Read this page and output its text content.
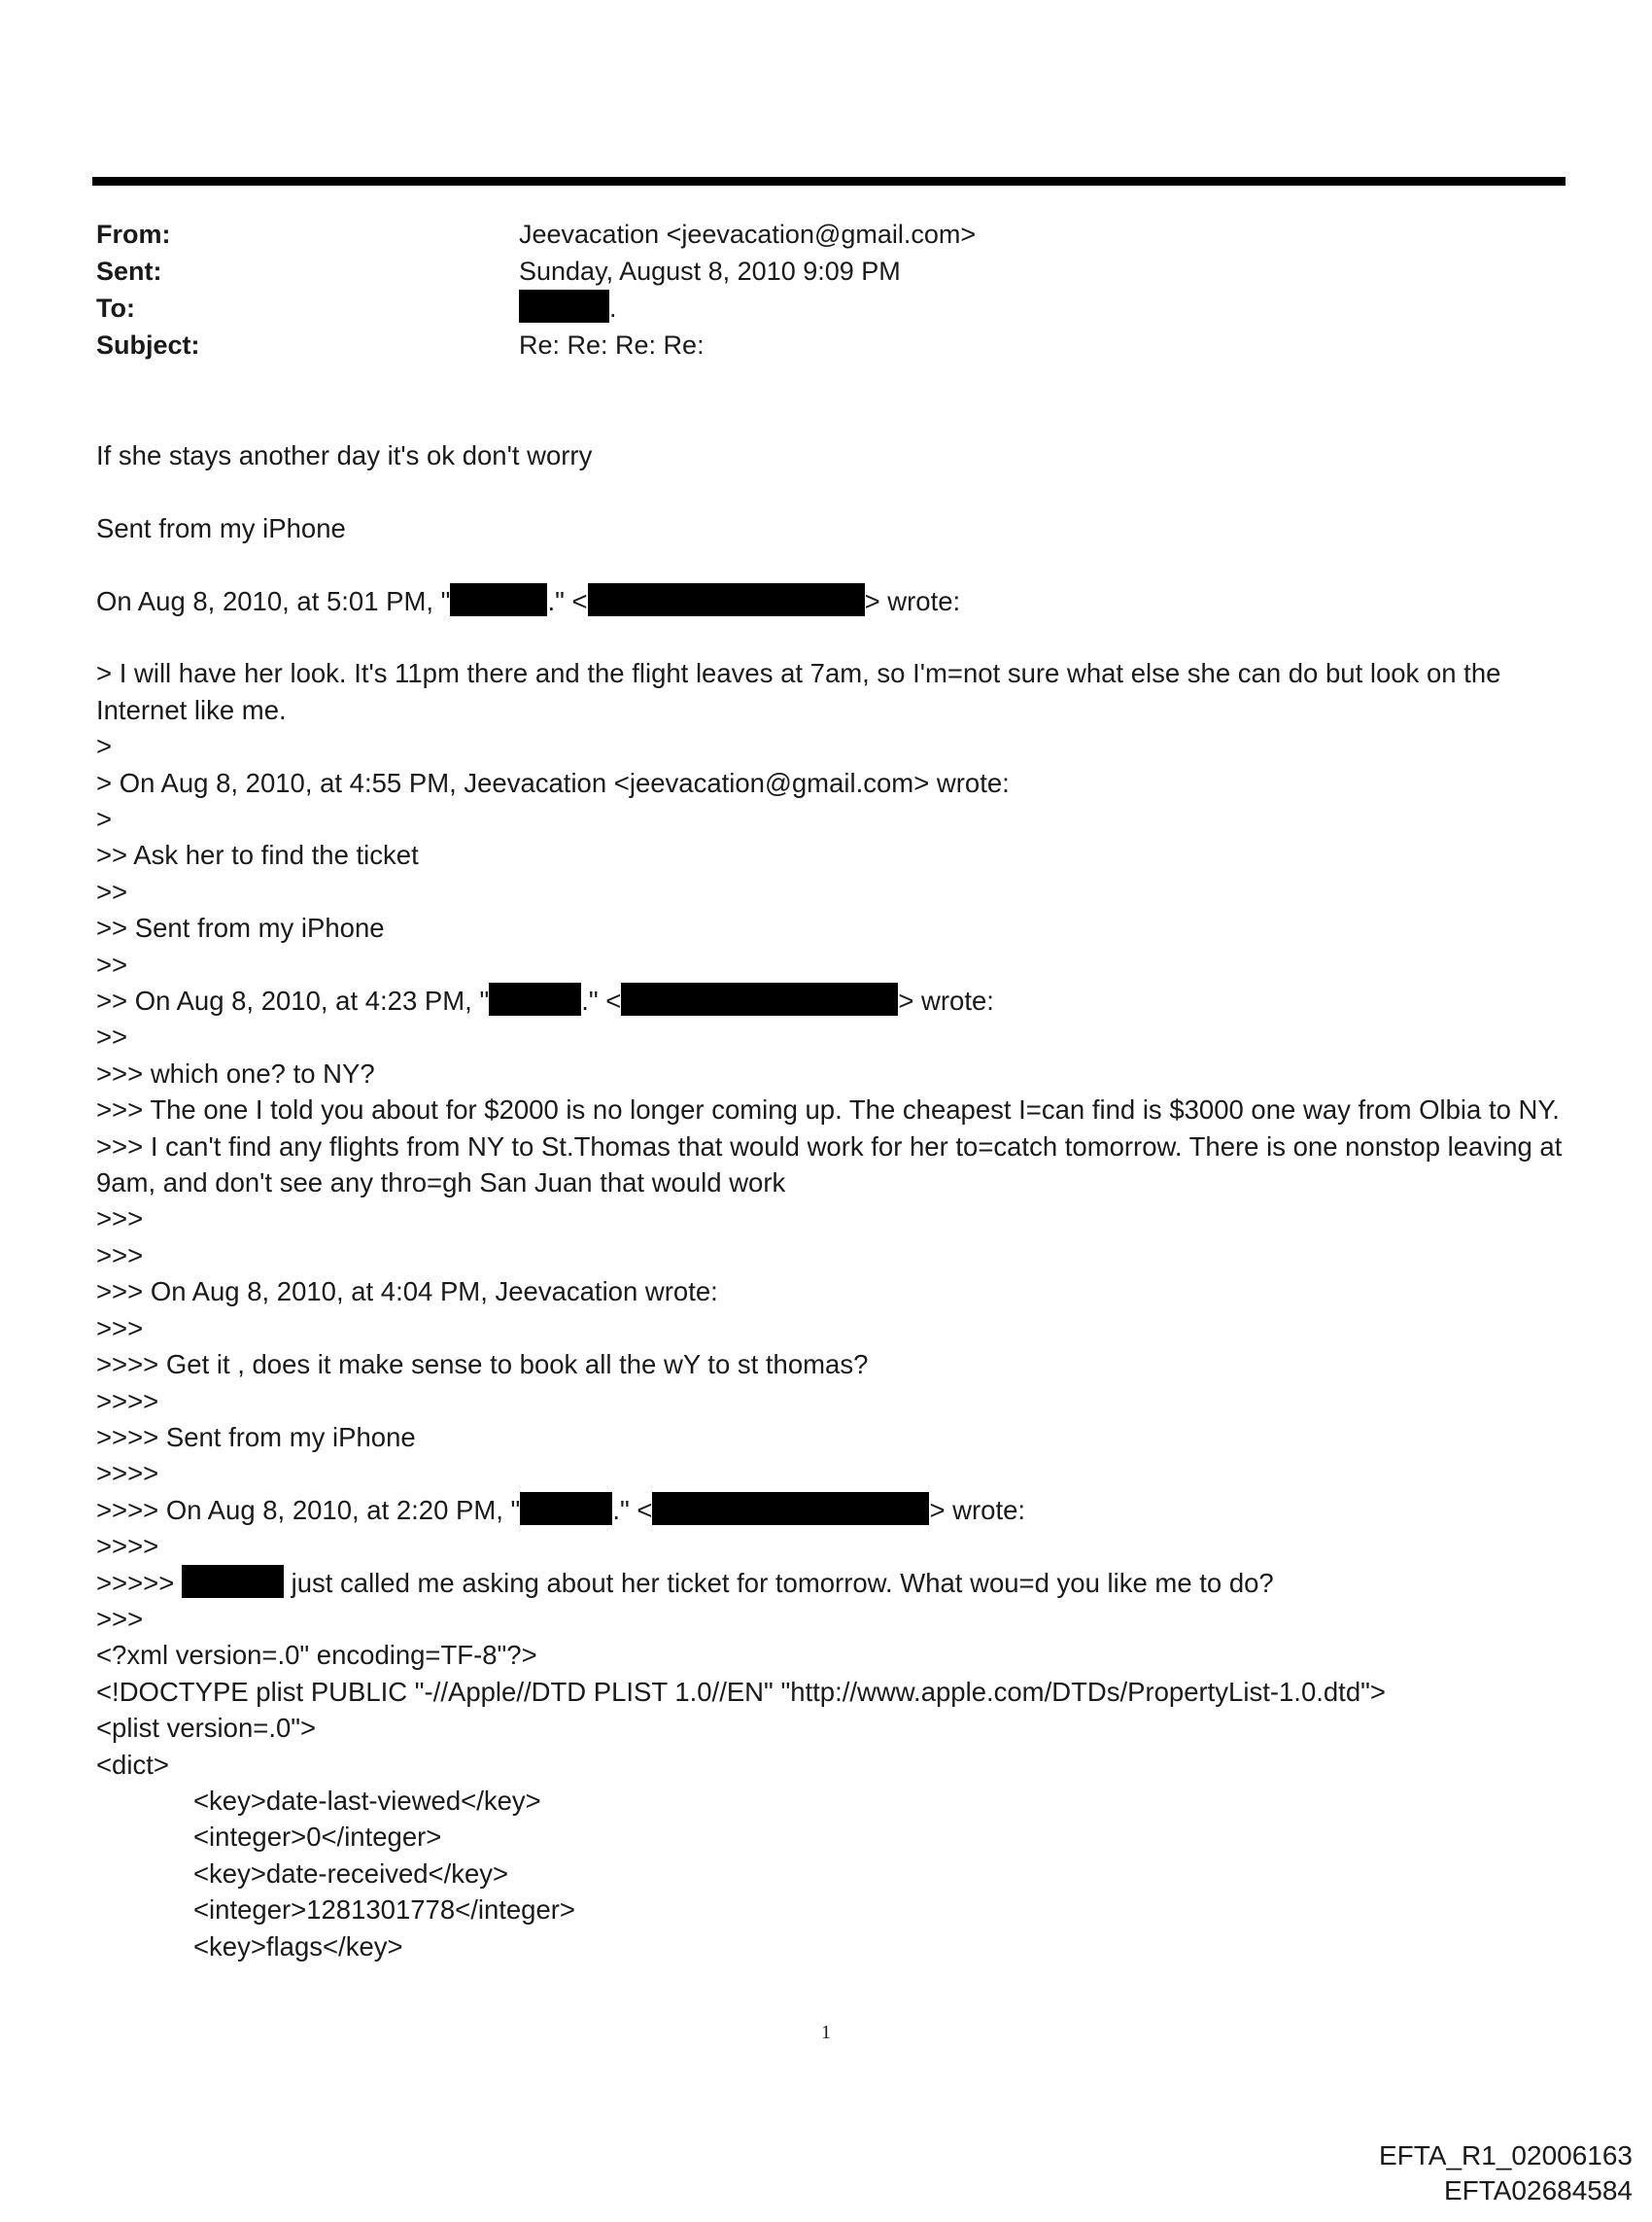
From:	Jeevacation <jeevacation@gmail.com>
Sent:	Sunday, August 8, 2010 9:09 PM
To:	.
Subject:	Re: Re: Re: Re:
If she stays another day it's ok don't worry
Sent from my iPhone
On Aug 8, 2010, at 5:01 PM, "	." <	> wrote:
> I will have her look. It's 11pm there and the flight leaves at 7am, so I'm=not sure what else she can do but look on the Internet like me.
>
> On Aug 8, 2010, at 4:55 PM, Jeevacation <jeevacation@gmail.com> wrote:
>
>> Ask her to find the ticket
>>
>> Sent from my iPhone
>>
>> On Aug 8, 2010, at 4:23 PM, "	." <	> wrote:
>>
>>> which one? to NY?
>>> The one I told you about for $2000 is no longer coming up. The cheapest I=can find is $3000 one way from Olbia to NY.
>>> I can't find any flights from NY to St.Thomas that would work for her to=catch tomorrow. There is one nonstop leaving at 9am, and don't see any thro=gh San Juan that would work
>>>
>>>
>>> On Aug 8, 2010, at 4:04 PM, Jeevacation wrote:
>>>
>>>> Get it , does it make sense to book all the wY to st thomas?
>>>>
>>>> Sent from my iPhone
>>>>
>>>> On Aug 8, 2010, at 2:20 PM, "	." <	> wrote:
>>>>
>>>>>	just called me asking about her ticket for tomorrow. What wou=d you like me to do?
>>>
<?xml version=.0" encoding=TF-8"?>
<!DOCTYPE plist PUBLIC "-//Apple//DTD PLIST 1.0//EN" "http://www.apple.com/DTDs/PropertyList-1.0.dtd">
<plist version=.0">
<dict>
<key>date-last-viewed</key>
<integer>0</integer>
<key>date-received</key>
<integer>1281301778</integer>
<key>flags</key>
1
EFTA_R1_02006163
EFTA02684584
